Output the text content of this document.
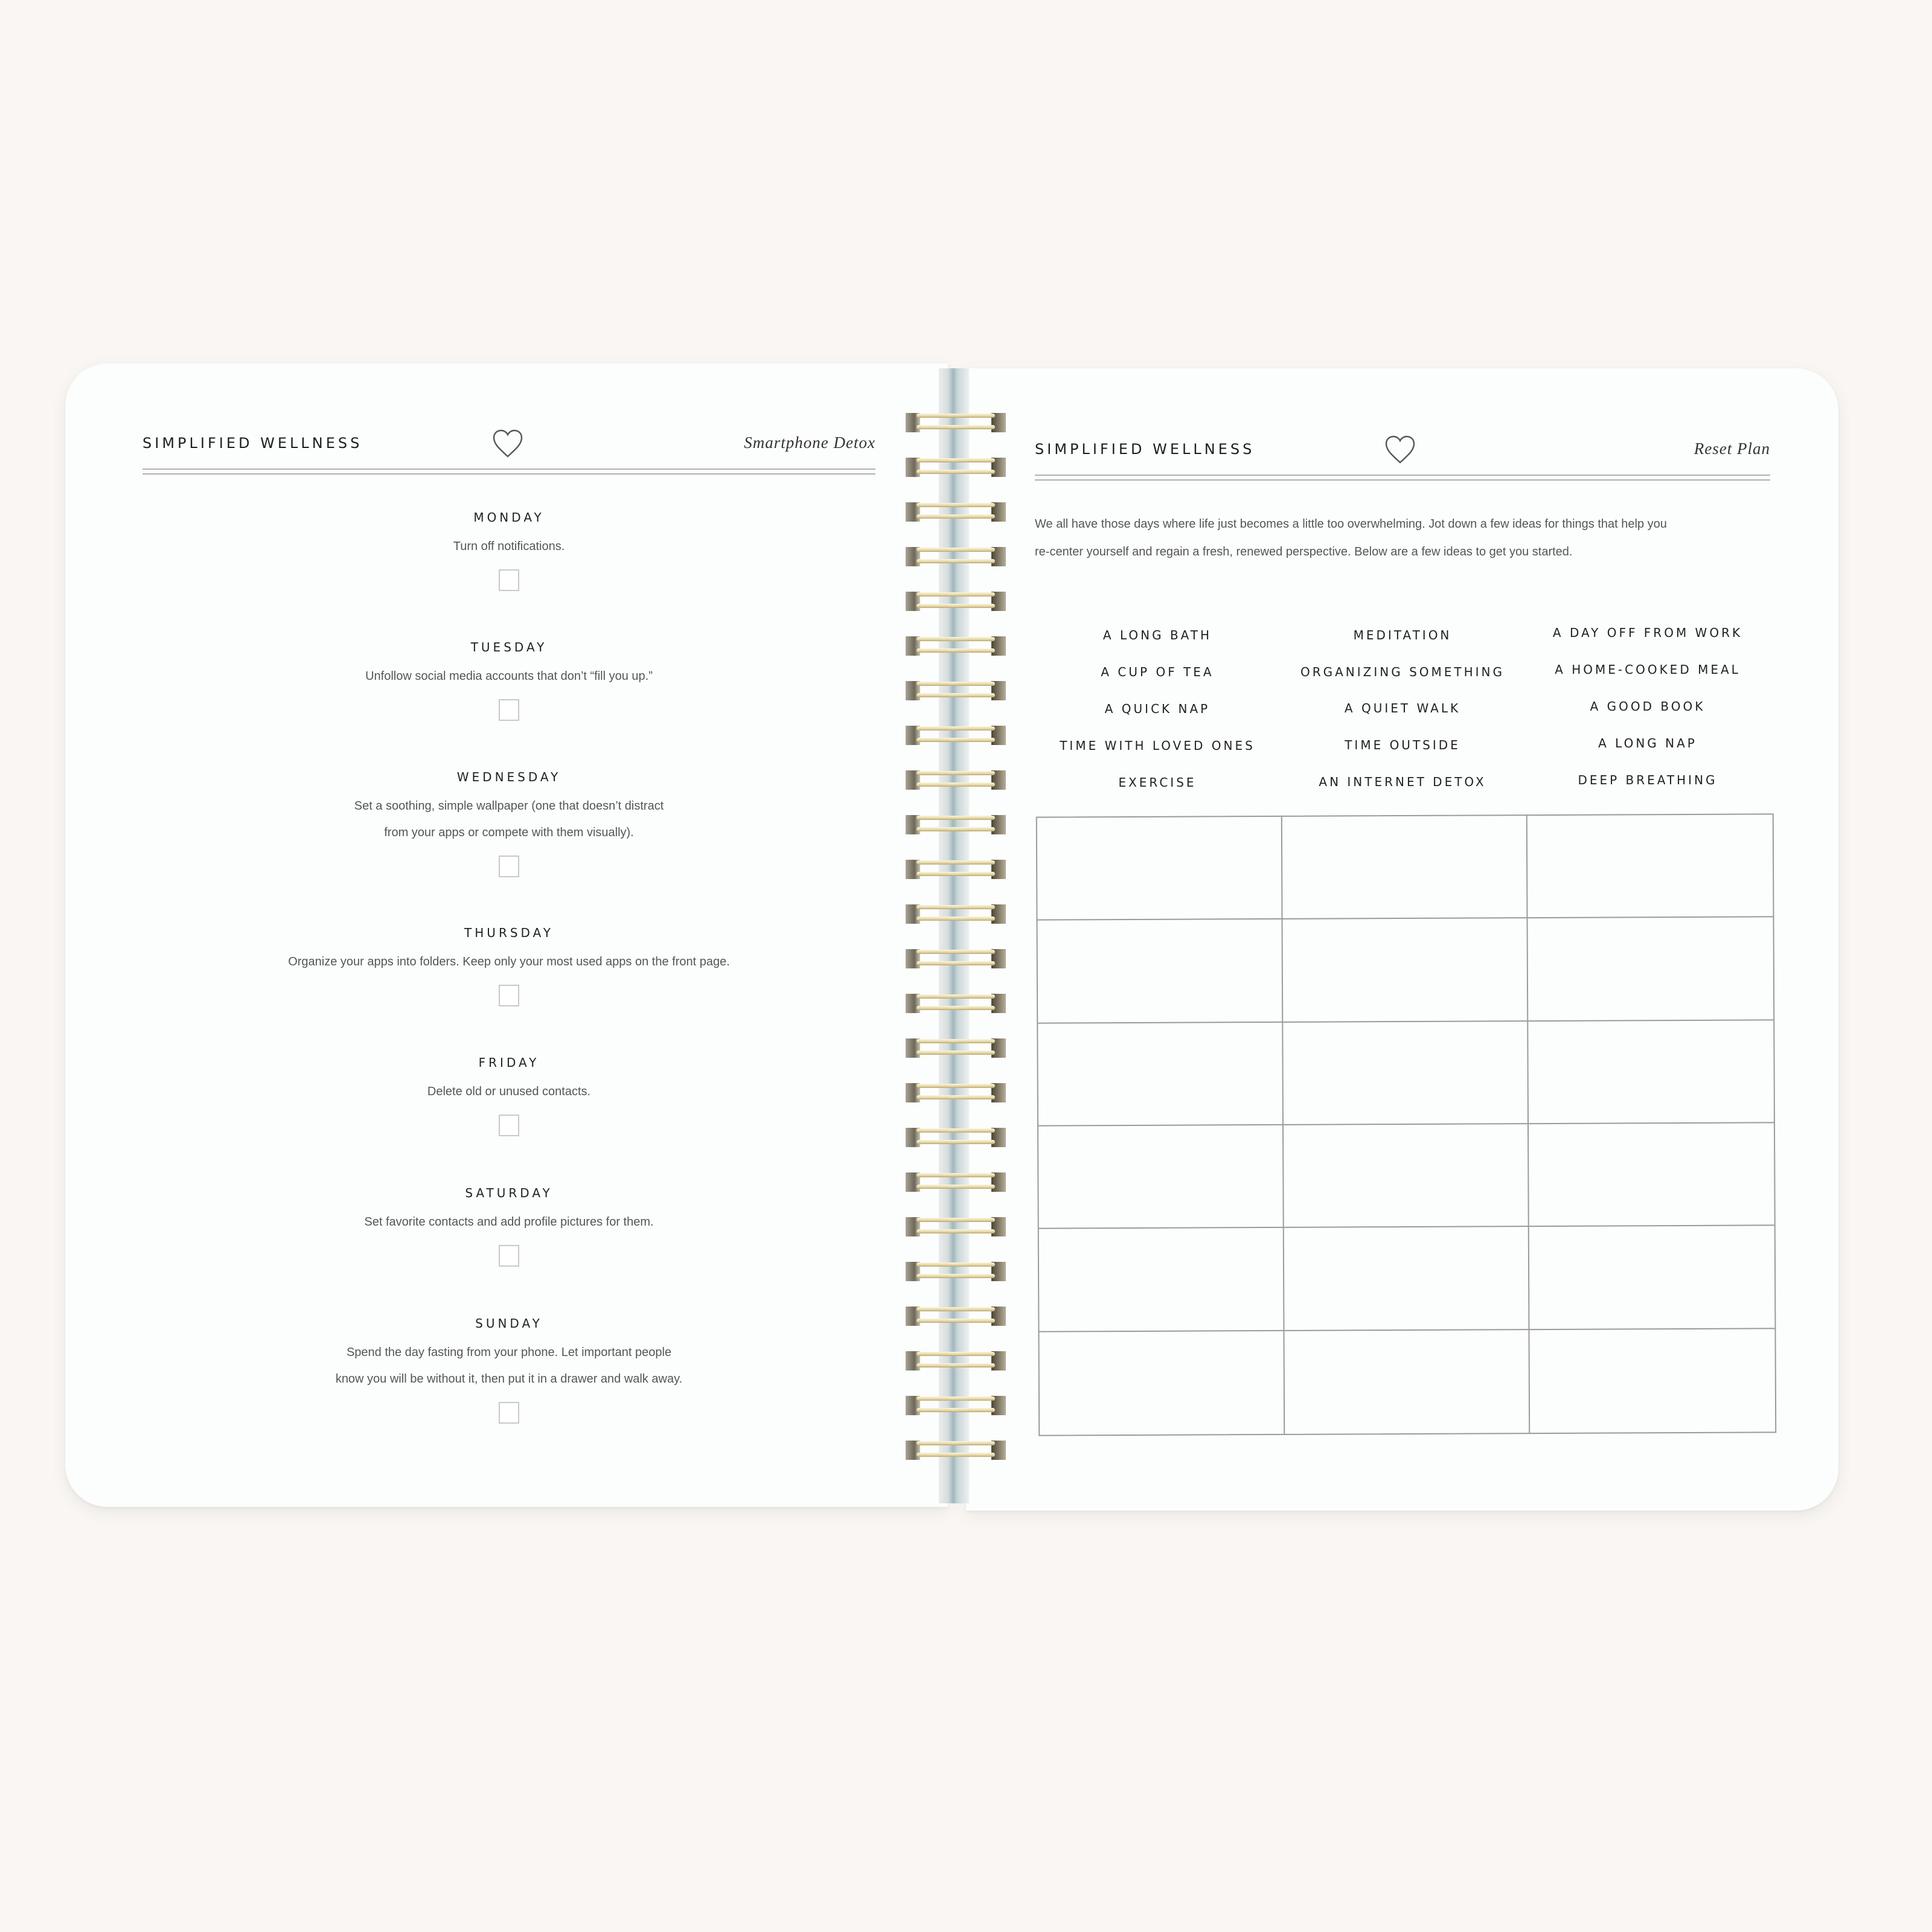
SIMPLIFIED WELLNESS	Smartphone Detox
MONDAY
Turn off notifications.
TUESDAY
Unfollow social media accounts that don’t “fill you up.”
WEDNESDAY
Set a soothing, simple wallpaper (one that doesn’t distract
from your apps or compete with them visually).
THURSDAY
Organize your apps into folders. Keep only your most used apps on the front page.
FRIDAY
Delete old or unused contacts.
SATURDAY
Set favorite contacts and add profile pictures for them.
SUNDAY
Spend the day fasting from your phone. Let important people
know you will be without it, then put it in a drawer and walk away.
SIMPLIFIED WELLNESS	Reset Plan
We all have those days where life just becomes a little too overwhelming. Jot down a few ideas for things that help you
re-center yourself and regain a fresh, renewed perspective. Below are a few ideas to get you started.
A LONG BATH	MEDITATION	A DAY OFF FROM WORK
A CUP OF TEA	ORGANIZING SOMETHING	A HOME-COOKED MEAL
A QUICK NAP	A QUIET WALK	A GOOD BOOK
TIME WITH LOVED ONES	TIME OUTSIDE	A LONG NAP
EXERCISE	AN INTERNET DETOX	DEEP BREATHING
